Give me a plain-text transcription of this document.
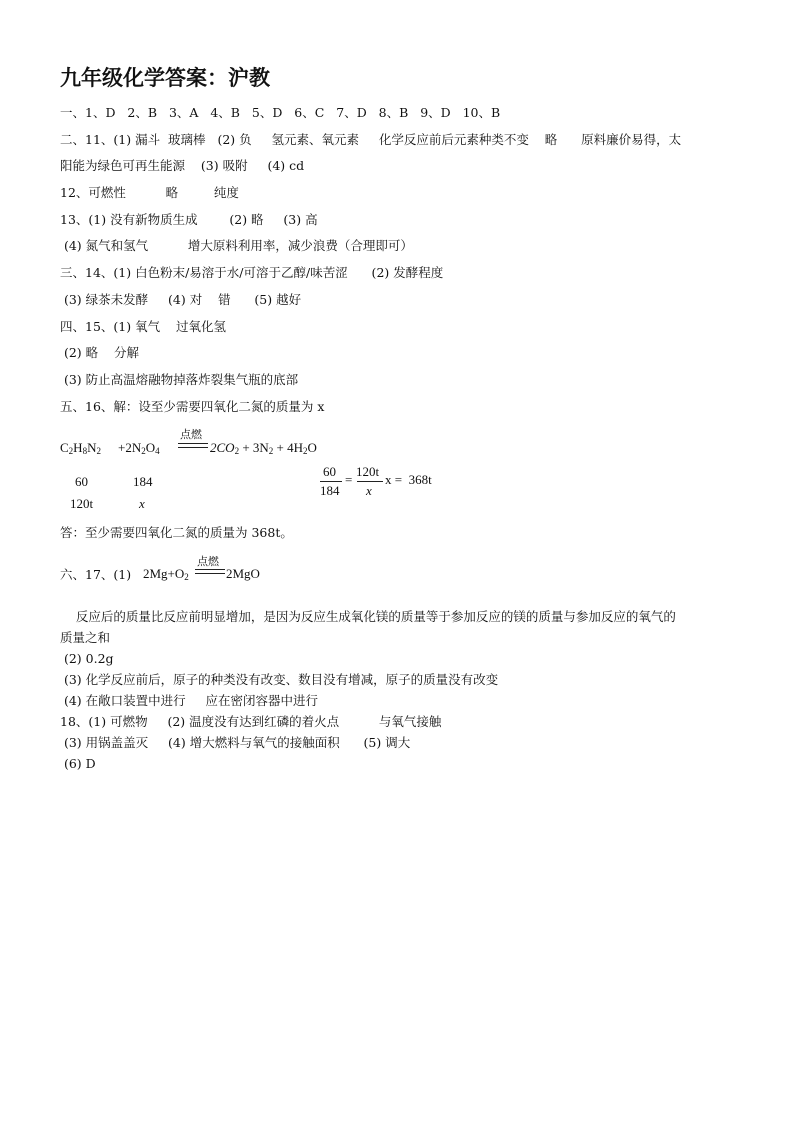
九年级化学答案：沪教
一、1、D   2、B   3、A   4、B   5、D   6、C   7、D   8、B   9、D   10、B
二、11、(1) 漏斗  玻璃棒   (2) 负     氢元素、氧元素     化学反应前后元素种类不变    略      原料廉价易得，太
阳能为绿色可再生能源    (3) 吸附     (4) cd
12、可燃性          略         纯度
13、(1) 没有新物质生成        (2) 略     (3) 高
(4) 氮气和氢气          增大原料利用率，减少浪费（合理即可）
三、14、(1) 白色粉末/易溶于水/可溶于乙醇/味苦涩      (2) 发酵程度
(3) 绿茶未发酵     (4) 对    错      (5) 越好
四、15、(1) 氧气    过氧化氢
(2) 略    分解
(3) 防止高温熔融物掉落炸裂集气瓶的底部
五、16、解：设至少需要四氧化二氮的质量为 x
$C_2H_8N_2 +2N_2O_4$
点燃
$2CO_2 + 3N_2 + 4H_2O$
60	184
120t	x
60
184
=
120t
x
x =  368t
答：至少需要四氧化二氮的质量为 368t。
六、17、(1) $2Mg+O_2$
点燃
2MgO
反应后的质量比反应前明显增加，是因为反应生成氧化镁的质量等于参加反应的镁的质量与参加反应的氧气的
质量之和
(2) 0.2g
(3) 化学反应前后，原子的种类没有改变、数目没有增减，原子的质量没有改变
(4) 在敞口装置中进行     应在密闭容器中进行
18、(1) 可燃物     (2) 温度没有达到红磷的着火点          与氧气接触
(3) 用锅盖盖灭     (4) 增大燃料与氧气的接触面积      (5) 调大
(6) D
